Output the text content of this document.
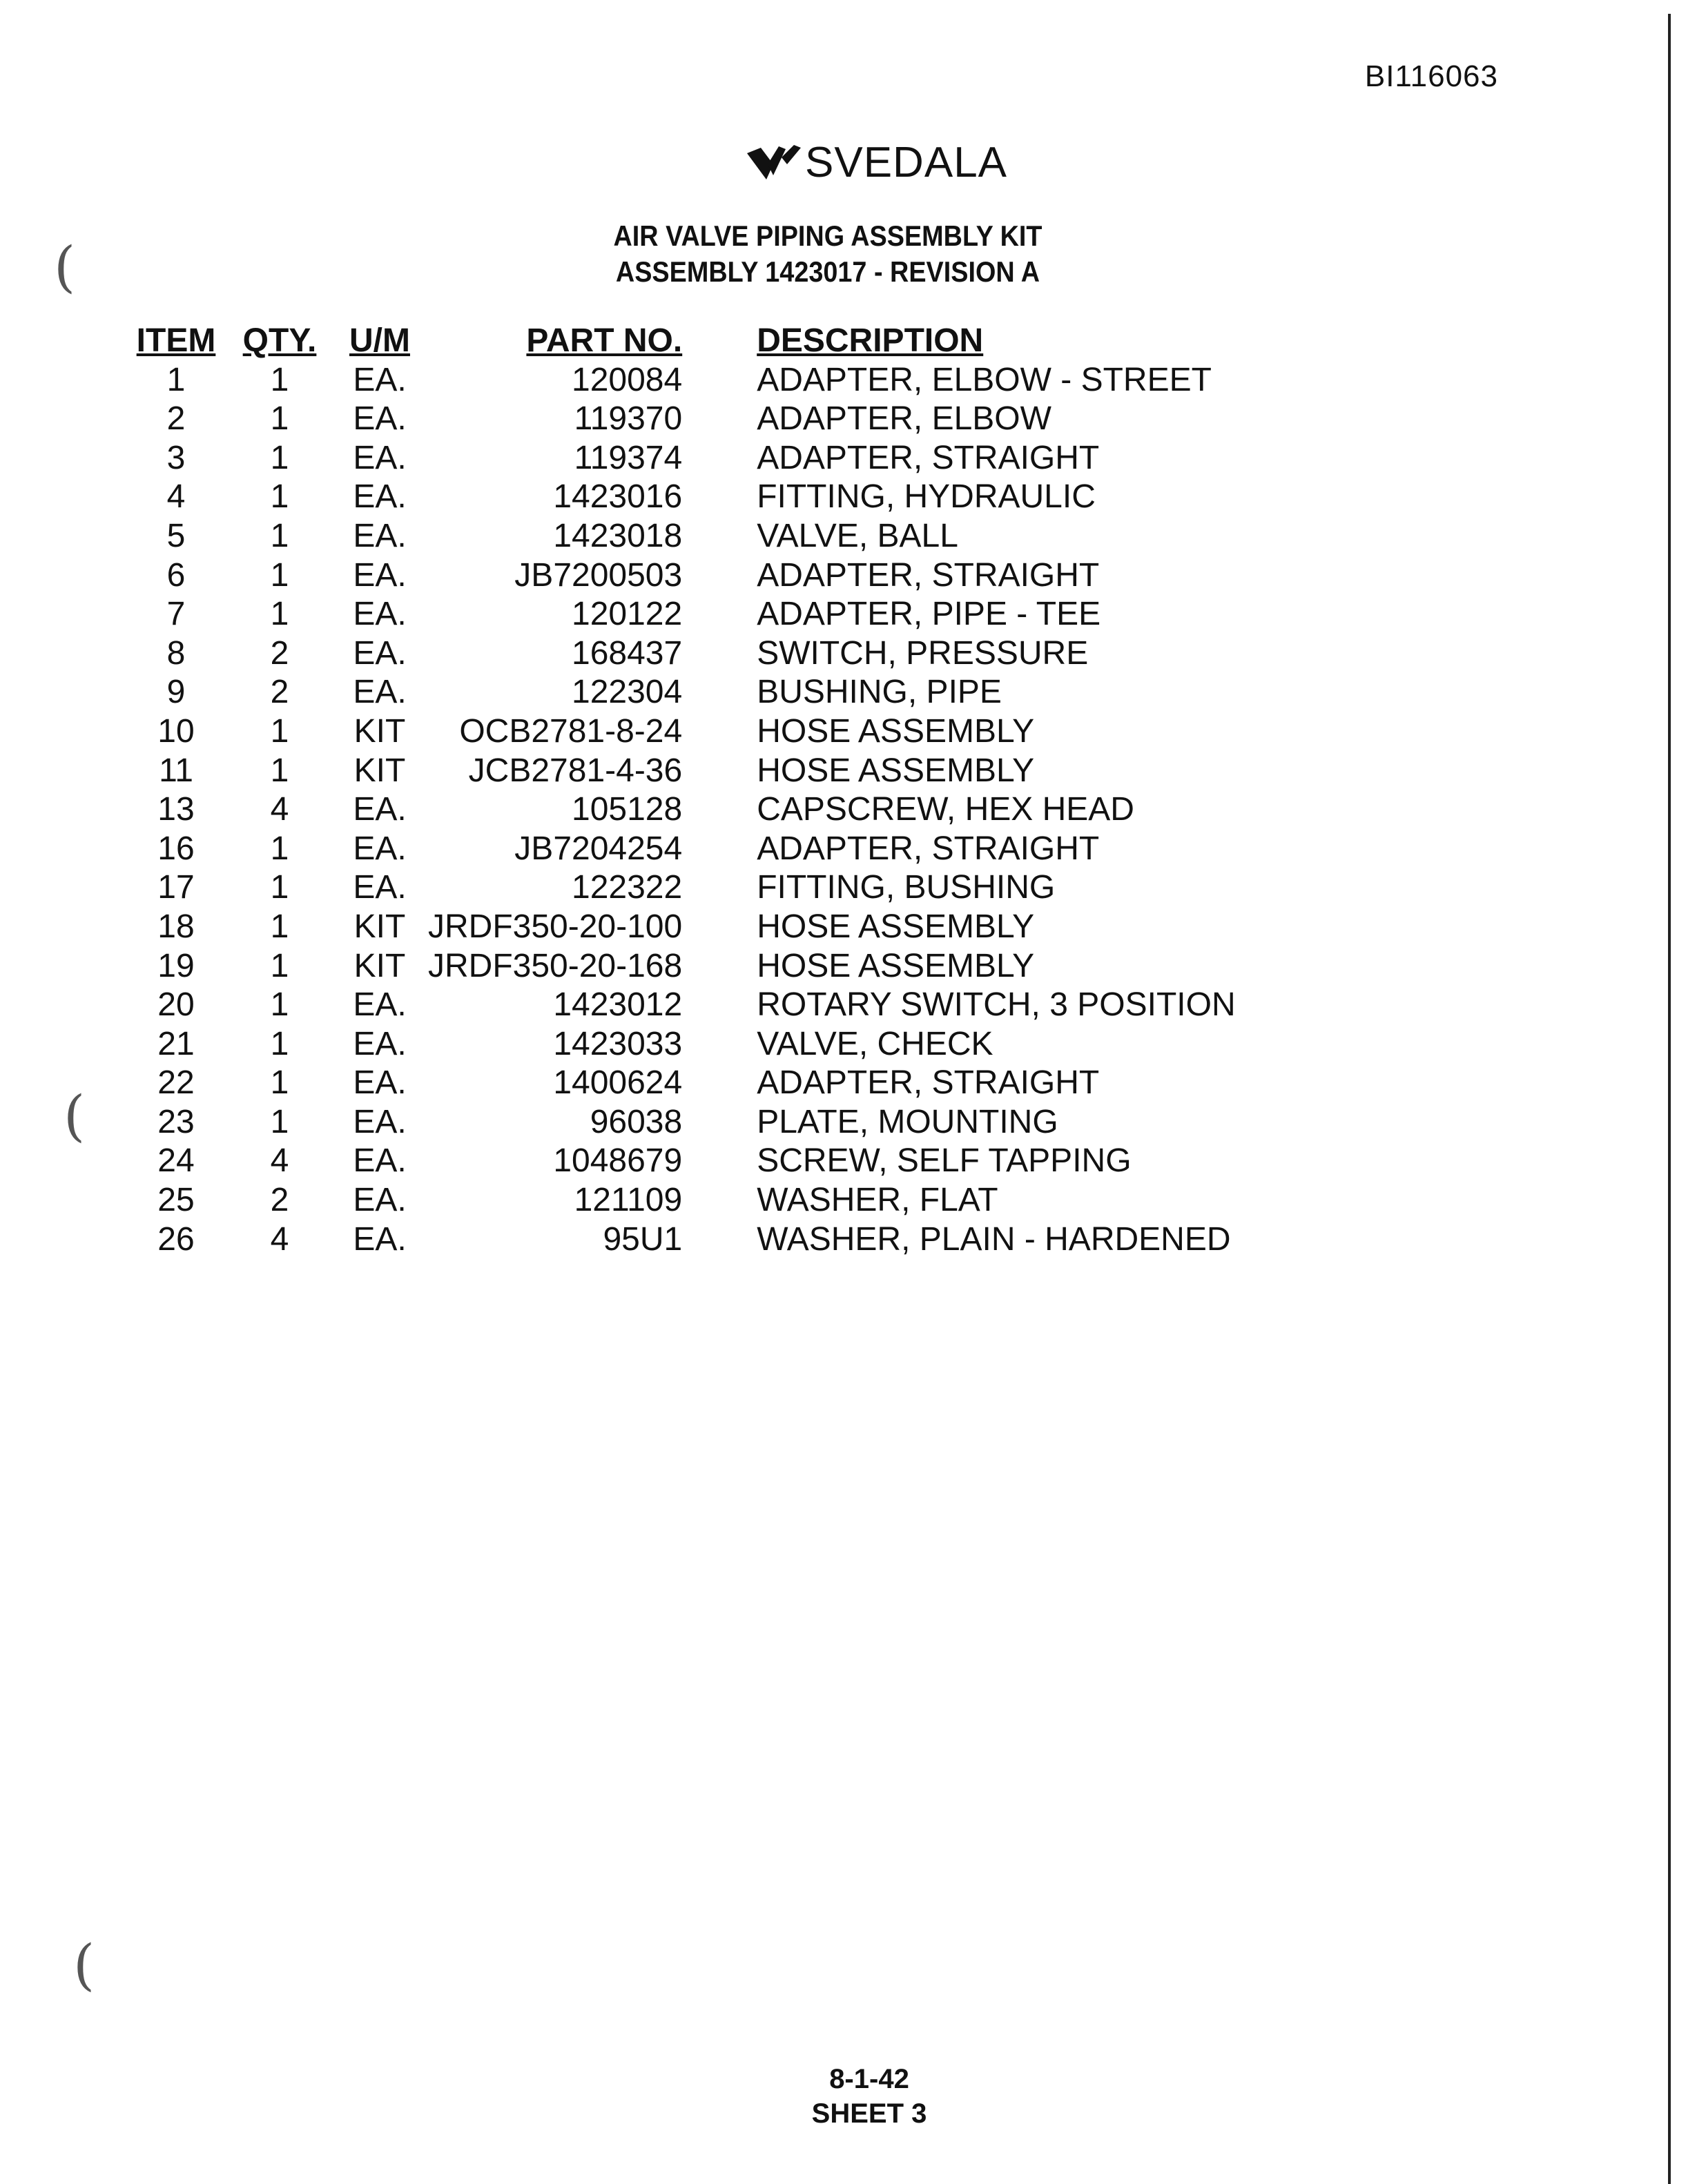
BI116063
SVEDALA
AIR VALVE PIPING ASSEMBLY KIT
ASSEMBLY 1423017 - REVISION A
ITEM	QTY.	U/M	PART NO.	DESCRIPTION
1	1	EA.	120084	ADAPTER, ELBOW - STREET
2	1	EA.	119370	ADAPTER, ELBOW
3	1	EA.	119374	ADAPTER, STRAIGHT
4	1	EA.	1423016	FITTING, HYDRAULIC
5	1	EA.	1423018	VALVE, BALL
6	1	EA.	JB7200503	ADAPTER, STRAIGHT
7	1	EA.	120122	ADAPTER, PIPE - TEE
8	2	EA.	168437	SWITCH, PRESSURE
9	2	EA.	122304	BUSHING, PIPE
10	1	KIT	OCB2781-8-24	HOSE ASSEMBLY
11	1	KIT	JCB2781-4-36	HOSE ASSEMBLY
13	4	EA.	105128	CAPSCREW, HEX HEAD
16	1	EA.	JB7204254	ADAPTER, STRAIGHT
17	1	EA.	122322	FITTING, BUSHING
18	1	KIT	JRDF350-20-100	HOSE ASSEMBLY
19	1	KIT	JRDF350-20-168	HOSE ASSEMBLY
20	1	EA.	1423012	ROTARY SWITCH, 3 POSITION
21	1	EA.	1423033	VALVE, CHECK
22	1	EA.	1400624	ADAPTER, STRAIGHT
23	1	EA.	96038	PLATE, MOUNTING
24	4	EA.	1048679	SCREW, SELF TAPPING
25	2	EA.	121109	WASHER, FLAT
26	4	EA.	95U1	WASHER, PLAIN - HARDENED
8-1-42
SHEET 3
(
(
(
